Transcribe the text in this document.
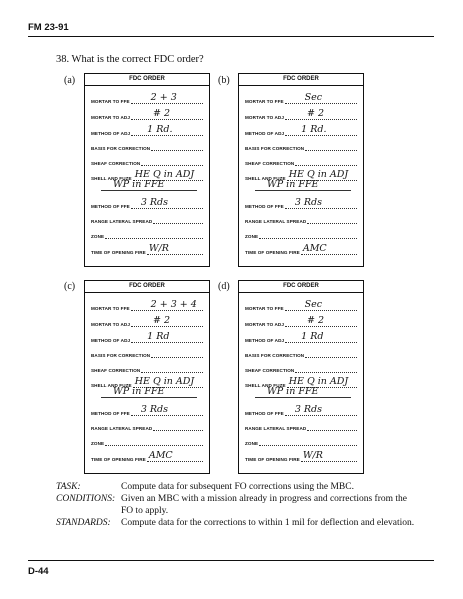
FM 23-91
38. What is the correct FDC order?
(a)	(b)
(c)	(d)
FDC ORDER
MORTAR TO FFE 2 + 3
MORTAR TO ADJ # 2
METHOD OF ADJ 1 Rd.
BASIS FOR CORRECTION
SHEAF CORRECTION
SHELL AND FUZE HE Q in ADJ
METHOD OF FFE 3 Rds
RANGE LATERAL SPREAD
ZONE
TIME OF OPENING FIRE W/R
WP in FFE
FDC ORDER
MORTAR TO FFE Sec
MORTAR TO ADJ # 2
METHOD OF ADJ 1 Rd.
BASIS FOR CORRECTION
SHEAF CORRECTION
SHELL AND FUZE HE Q in ADJ
METHOD OF FFE 3 Rds
RANGE LATERAL SPREAD
ZONE
TIME OF OPENING FIRE AMC
WP in FFE
FDC ORDER
MORTAR TO FFE 2 + 3 + 4
MORTAR TO ADJ # 2
METHOD OF ADJ 1 Rd
BASIS FOR CORRECTION
SHEAF CORRECTION
SHELL AND FUZE HE Q in ADJ
METHOD OF FFE 3 Rds
RANGE LATERAL SPREAD
ZONE
TIME OF OPENING FIRE AMC
WP in FFE
FDC ORDER
MORTAR TO FFE Sec
MORTAR TO ADJ # 2
METHOD OF ADJ 1 Rd
BASIS FOR CORRECTION
SHEAF CORRECTION
SHELL AND FUZE HE Q in ADJ
METHOD OF FFE 3 Rds
RANGE LATERAL SPREAD
ZONE
TIME OF OPENING FIRE W/R
WP in FFE
TASK:	Compute data for subsequent FO corrections using the MBC.
CONDITIONS: Given an MBC with a mission already in progress and corrections from the FO to apply.
STANDARDS: Compute data for the corrections to within 1 mil for deflection and elevation.
D-44
